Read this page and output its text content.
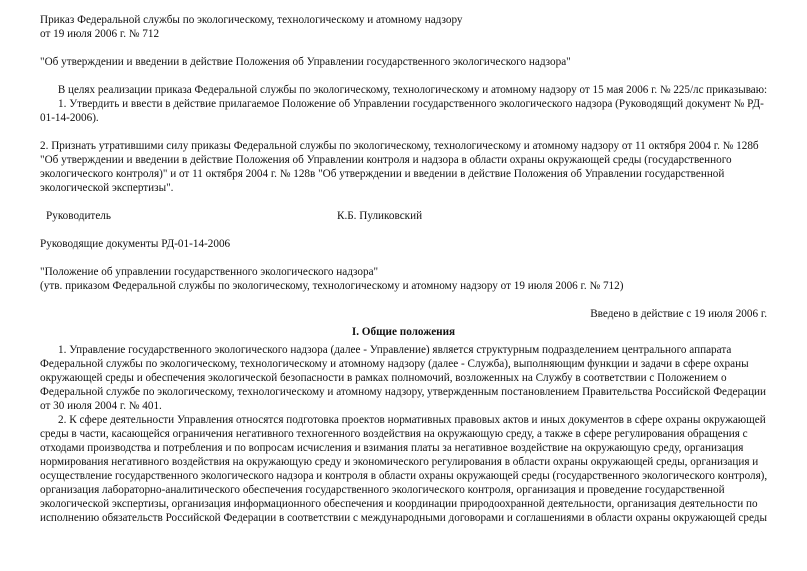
Приказ Федеральной службы по экологическому, технологическому и атомному надзору
от 19 июля 2006 г. № 712
"Об утверждении и введении в действие Положения об Управлении государственного экологического надзора"
В целях реализации приказа Федеральной службы по экологическому, технологическому и атомному надзору от 15 мая 2006 г. № 225/лс приказываю:
1. Утвердить и ввести в действие прилагаемое Положение об Управлении государственного экологического надзора (Руководящий документ № РД-
01-14-2006).
2. Признать утратившими силу приказы Федеральной службы по экологическому, технологическому и атомному надзору от 11 октября 2004 г. № 128б
"Об утверждении и введении в действие Положения об Управлении контроля и надзора в области охраны окружающей среды (государственного
экологического контроля)" и от 11 октября 2004 г. № 128в "Об утверждении и введении в действие Положения об Управлении государственной
экологической экспертизы".
Руководитель	К.Б. Пуликовский
Руководящие документы РД-01-14-2006
"Положение об управлении государственного экологического надзора"
(утв. приказом Федеральной службы по экологическому, технологическому и атомному надзору от 19 июля 2006 г. № 712)
Введено в действие с 19 июля 2006 г.
I. Общие положения
1. Управление государственного экологического надзора (далее - Управление) является структурным подразделением центрального аппарата
Федеральной службы по экологическому, технологическому и атомному надзору (далее - Служба), выполняющим функции и задачи в сфере охраны
окружающей среды и обеспечения экологической безопасности в рамках полномочий, возложенных на Службу в соответствии с Положением о
Федеральной службе по экологическому, технологическому и атомному надзору, утвержденным постановлением Правительства Российской Федерации
от 30 июля 2004 г. № 401.
2. К сфере деятельности Управления относятся подготовка проектов нормативных правовых актов и иных документов в сфере охраны окружающей
среды в части, касающейся ограничения негативного техногенного воздействия на окружающую среду, а также в сфере регулирования обращения с
отходами производства и потребления и по вопросам исчисления и взимания платы за негативное воздействие на окружающую среду, организация
нормирования негативного воздействия на окружающую среду и экономического регулирования в области охраны окружающей среды, организация и
осуществление государственного экологического надзора и контроля в области охраны окружающей среды (государственного экологического контроля),
организация лабораторно-аналитического обеспечения государственного экологического контроля, организация и проведение государственной
экологической экспертизы, организация информационного обеспечения и координации природоохранной деятельности, организация деятельности по
исполнению обязательств Российской Федерации в соответствии с международными договорами и соглашениями в области охраны окружающей среды
